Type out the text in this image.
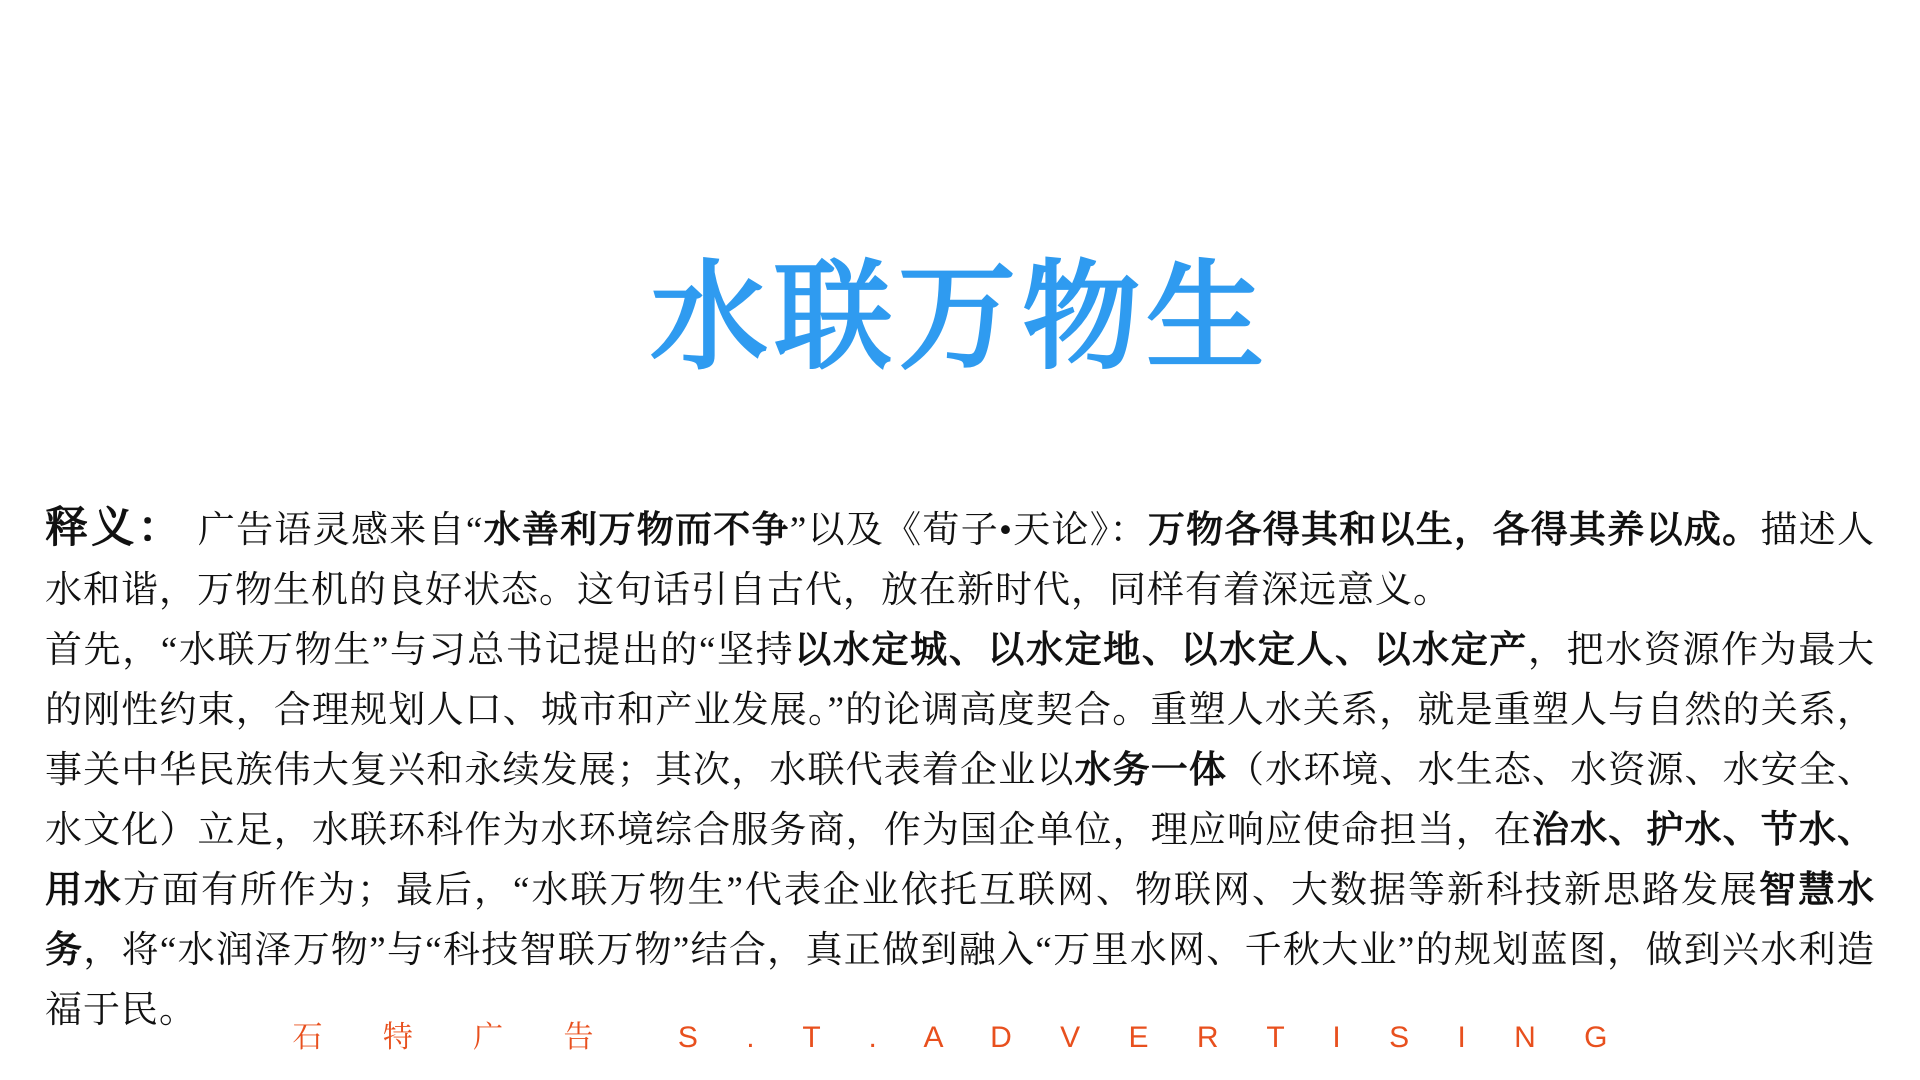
水联万物生

释义： 广告语灵感来自“水善利万物而不争”以及《荀子•天论》：万物各得其和以生，各得其养以成。描述人水和谐，万物生机的良好状态。这句话引自古代，放在新时代，同样有着深远意义。

首先，“水联万物生”与习总书记提出的“坚持以水定城、以水定地、以水定人、以水定产，把水资源作为最大的刚性约束，合理规划人口、城市和产业发展。”的论调高度契合。重塑人水关系，就是重塑人与自然的关系，事关中华民族伟大复兴和永续发展；其次，水联代表着企业以水务一体（水环境、水生态、水资源、水安全、水文化）立足，水联环科作为水环境综合服务商，作为国企单位，理应响应使命担当，在治水、护水、节水、用水方面有所作为；最后，“水联万物生”代表企业依托互联网、物联网、大数据等新科技新思路发展智慧水务，将“水润泽万物”与“科技智联万物”结合，真正做到融入“万里水网、千秋大业”的规划蓝图，做到兴水利造福于民。

石 特 广 告 S . T . A D V E R T I S I N G
